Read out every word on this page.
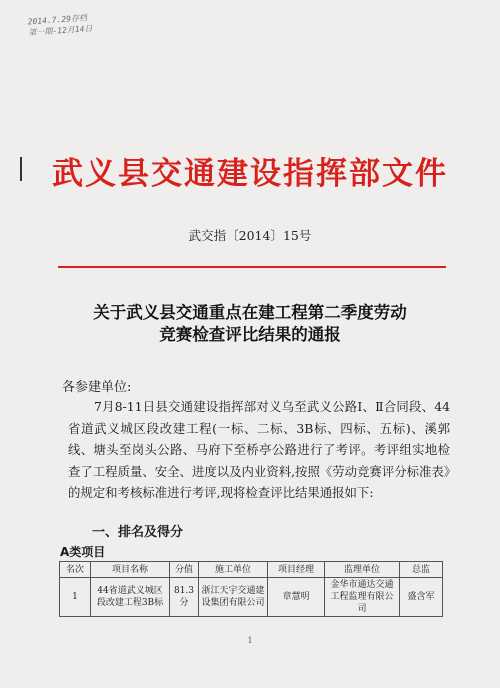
2014.7.29存档
第一期-12月14日
武义县交通建设指挥部文件
武交指〔2014〕15号
关于武义县交通重点在建工程第二季度劳动
竞赛检查评比结果的通报
各参建单位:
7月8-11日县交通建设指挥部对义乌至武义公路Ⅰ、Ⅱ合同段、44省道武义城区段改建工程(一标、二标、3B标、四标、五标)、溪郭线、塘头至岗头公路、马府下至桥亭公路进行了考评。考评组实地检查了工程质量、安全、进度以及内业资料,按照《劳动竞赛评分标准表》的规定和考核标准进行考评,现将检查评比结果通报如下:
一、排名及得分
A类项目
名次	项目名称	分值	施工单位	项目经理	监理单位	总监
1	44省道武义城区段改建工程3B标	81.3分	浙江天宇交通建设集团有限公司	章慧明	金华市通达交通工程监理有限公司	盛含军
1
